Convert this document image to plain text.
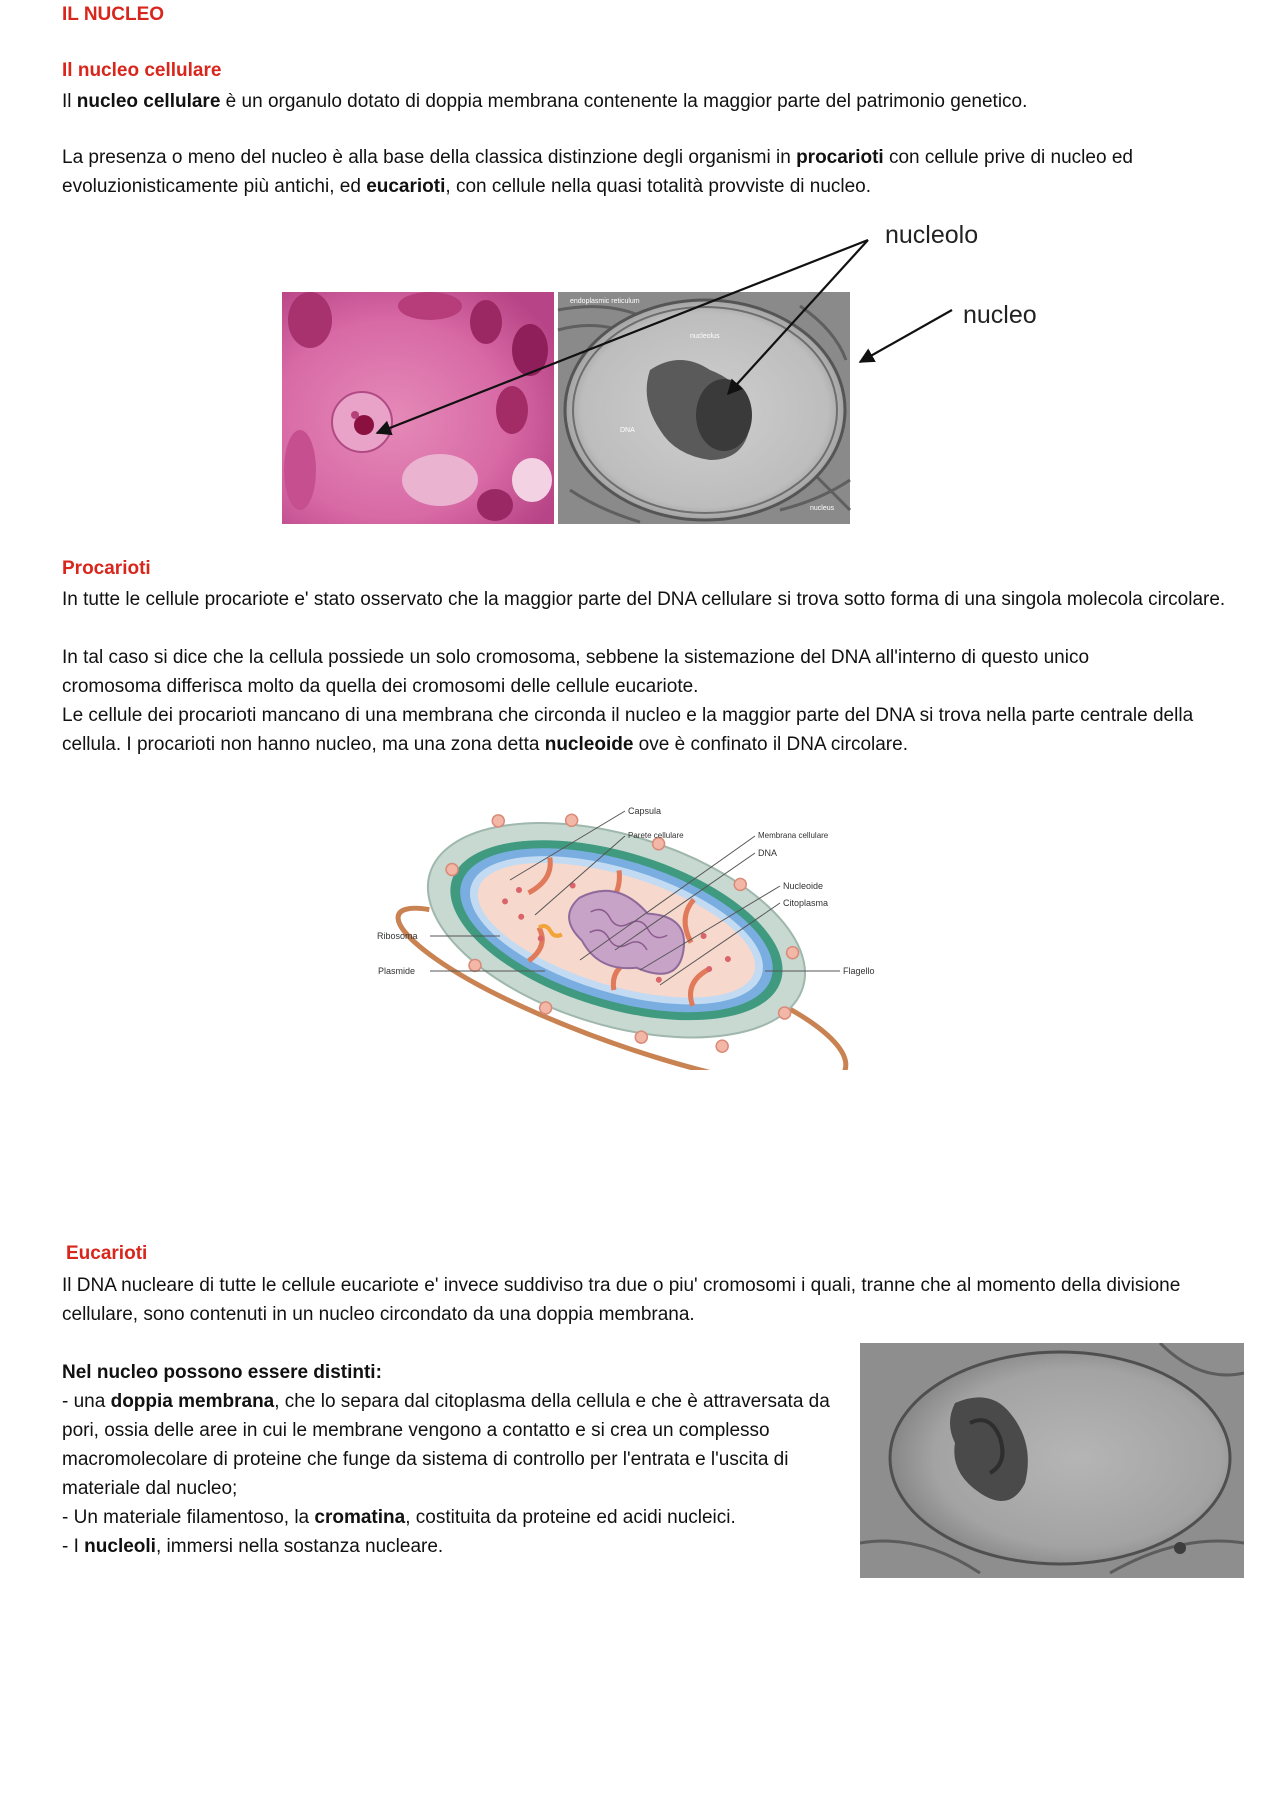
IL NUCLEO
Il nucleo cellulare
Il nucleo cellulare è un organulo dotato di doppia membrana contenente la maggior parte del patrimonio genetico.
La presenza o meno del nucleo è alla base della classica distinzione degli organismi in procarioti con cellule prive di nucleo ed evoluzionisticamente più antichi, ed eucarioti, con cellule nella quasi totalità provviste di nucleo.
endoplasmic reticulum
nucleolus
DNA
nucleus
nucleolo
nucleo
Procarioti
In tutte le cellule procariote e' stato osservato che la maggior parte del DNA cellulare si trova sotto forma di una singola molecola circolare.
In tal caso si dice che la cellula possiede un solo cromosoma, sebbene la sistemazione del DNA all'interno di questo unico cromosoma differisca molto da quella dei cromosomi delle cellule eucariote.
Le cellule dei procarioti mancano di una membrana che circonda il nucleo e la maggior parte del DNA si trova nella parte centrale della cellula. I procarioti non hanno nucleo, ma una zona detta nucleoide ove è confinato il DNA circolare.
Capsula
Parete cellulare	Membrana cellulare
DNA
Nucleoide
Citoplasma
Ribosoma
Plasmide	Flagello
Eucarioti
Il DNA nucleare di tutte le cellule eucariote e' invece suddiviso tra due o piu' cromosomi i quali, tranne che al momento della divisione cellulare, sono contenuti in un nucleo circondato da una doppia membrana.
Nel nucleo possono essere distinti:
- una doppia membrana, che lo separa dal citoplasma della cellula e che è attraversata da pori, ossia delle aree in cui le membrane vengono a contatto e si crea un complesso macromolecolare di proteine che funge da sistema di controllo per l'entrata e l'uscita di materiale dal nucleo;
- Un materiale filamentoso, la cromatina, costituita da proteine ed acidi nucleici.
- I nucleoli, immersi nella sostanza nucleare.
